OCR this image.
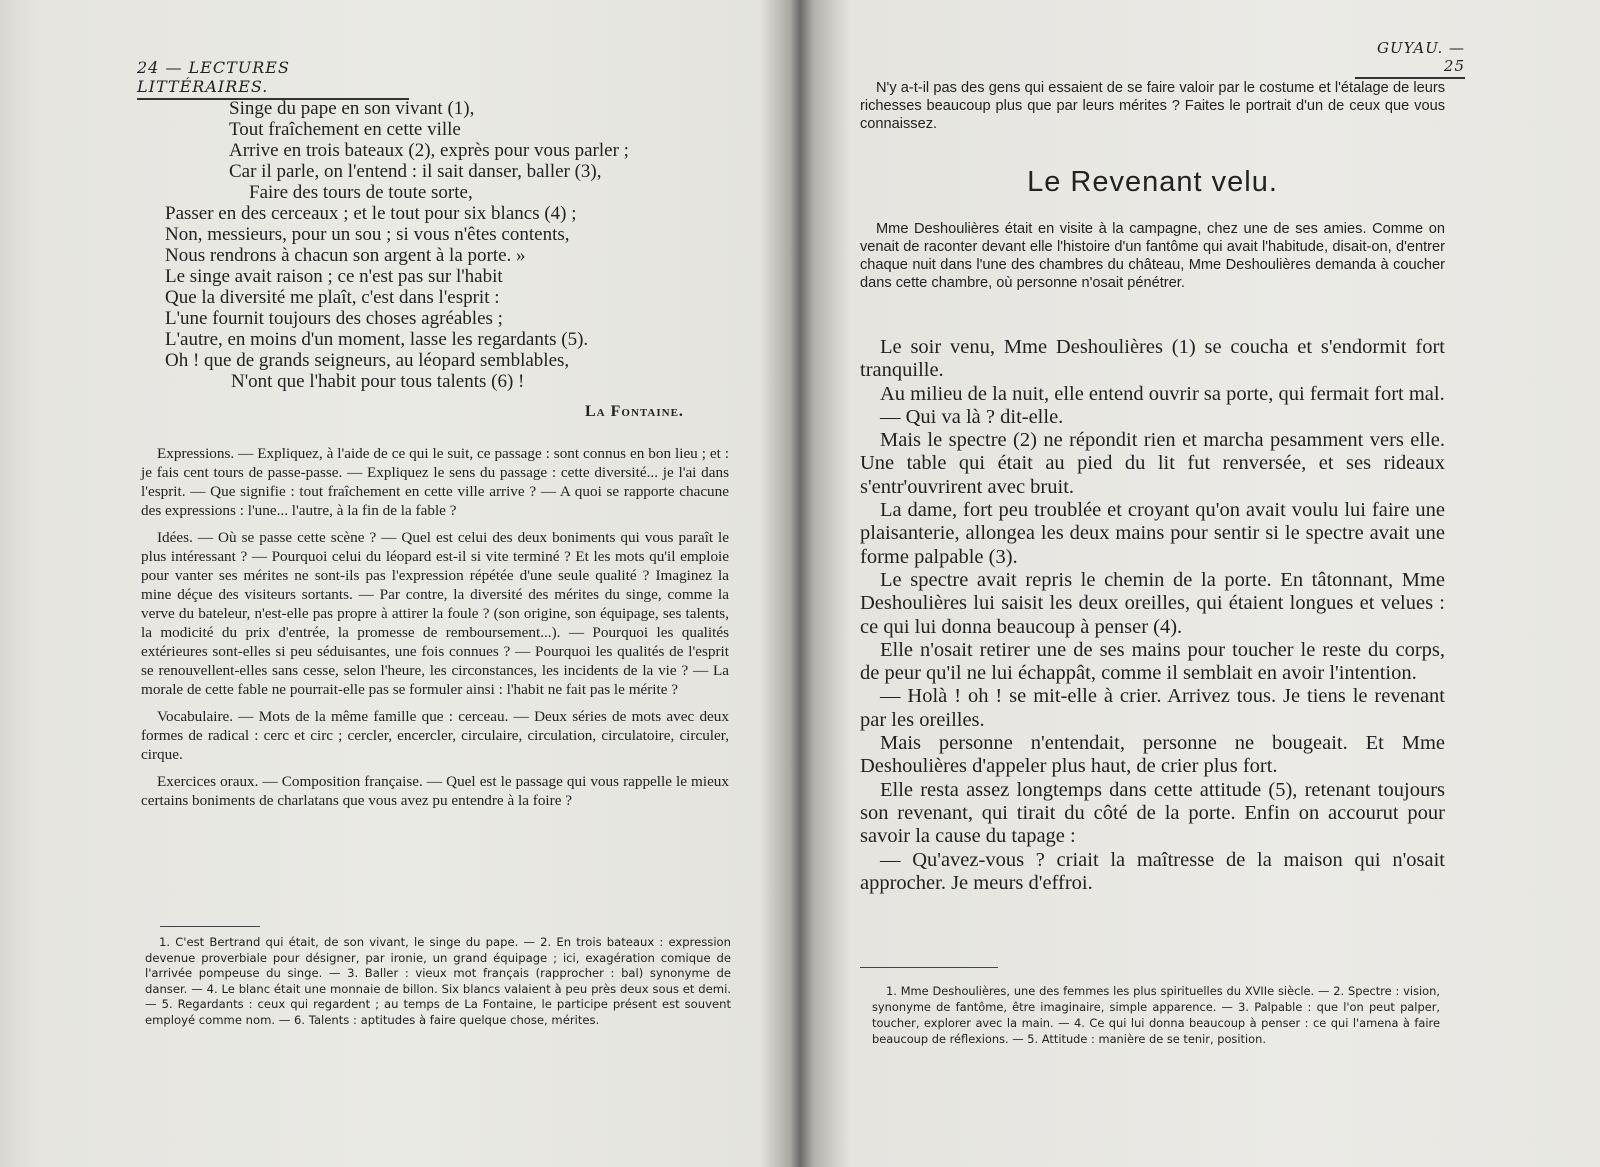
24 — LECTURES LITTÉRAIRES.
Singe du pape en son vivant (1),
Tout fraîchement en cette ville
Arrive en trois bateaux (2), exprès pour vous parler ;
Car il parle, on l'entend : il sait danser, baller (3),
Faire des tours de toute sorte,
Passer en des cerceaux ; et le tout pour six blancs (4) ;
Non, messieurs, pour un sou ; si vous n'êtes contents,
Nous rendrons à chacun son argent à la porte. »
Le singe avait raison ; ce n'est pas sur l'habit
Que la diversité me plaît, c'est dans l'esprit :
L'une fournit toujours des choses agréables ;
L'autre, en moins d'un moment, lasse les regardants (5).
Oh ! que de grands seigneurs, au léopard semblables,
N'ont que l'habit pour tous talents (6) !
La Fontaine.

Expressions. — Expliquez, à l'aide de ce qui le suit, ce passage : sont connus en bon lieu ; et : je fais cent tours de passe-passe. — Expliquez le sens du passage : cette diversité... je l'ai dans l'esprit. — Que signifie : tout fraîchement en cette ville arrive ? — A quoi se rapporte chacune des expressions : l'une... l'autre, à la fin de la fable ?

Idées. — Où se passe cette scène ? — Quel est celui des deux boniments qui vous paraît le plus intéressant ? — Pourquoi celui du léopard est-il si vite terminé ? Et les mots qu'il emploie pour vanter ses mérites ne sont-ils pas l'expression répétée d'une seule qualité ? Imaginez la mine déçue des visiteurs sortants. — Par contre, la diversité des mérites du singe, comme la verve du bateleur, n'est-elle pas propre à attirer la foule ? (son origine, son équipage, ses talents, la modicité du prix d'entrée, la promesse de remboursement...). — Pourquoi les qualités extérieures sont-elles si peu séduisantes, une fois connues ? — Pourquoi les qualités de l'esprit se renouvellent-elles sans cesse, selon l'heure, les circonstances, les incidents de la vie ? — La morale de cette fable ne pourrait-elle pas se formuler ainsi : l'habit ne fait pas le mérite ?

Vocabulaire. — Mots de la même famille que : cerceau. — Deux séries de mots avec deux formes de radical : cerc et circ ; cercler, encercler, circulaire, circulation, circulatoire, circuler, cirque.

Exercices oraux. — Composition française. — Quel est le passage qui vous rappelle le mieux certains boniments de charlatans que vous avez pu entendre à la foire ?

1. C'est Bertrand qui était, de son vivant, le singe du pape. — 2. En trois bateaux : expression devenue proverbiale pour désigner, par ironie, un grand équipage ; ici, exagération comique de l'arrivée pompeuse du singe. — 3. Baller : vieux mot français (rapprocher : bal) synonyme de danser. — 4. Le blanc était une monnaie de billon. Six blancs valaient à peu près deux sous et demi. — 5. Regardants : ceux qui regardent ; au temps de La Fontaine, le participe présent est souvent employé comme nom. — 6. Talents : aptitudes à faire quelque chose, mérites.

GUYAU. — 25

N'y a-t-il pas des gens qui essaient de se faire valoir par le costume et l'étalage de leurs richesses beaucoup plus que par leurs mérites ? Faites le portrait d'un de ceux que vous connaissez.

Le Revenant velu.

Mme Deshoulières était en visite à la campagne, chez une de ses amies. Comme on venait de raconter devant elle l'histoire d'un fantôme qui avait l'habitude, disait-on, d'entrer chaque nuit dans l'une des chambres du château, Mme Deshoulières demanda à coucher dans cette chambre, où personne n'osait pénétrer.

Le soir venu, Mme Deshoulières (1) se coucha et s'endormit fort tranquille.

Au milieu de la nuit, elle entend ouvrir sa porte, qui fermait fort mal.

— Qui va là ? dit-elle.

Mais le spectre (2) ne répondit rien et marcha pesamment vers elle. Une table qui était au pied du lit fut renversée, et ses rideaux s'entr'ouvrirent avec bruit.

La dame, fort peu troublée et croyant qu'on avait voulu lui faire une plaisanterie, allongea les deux mains pour sentir si le spectre avait une forme palpable (3).

Le spectre avait repris le chemin de la porte. En tâtonnant, Mme Deshoulières lui saisit les deux oreilles, qui étaient longues et velues : ce qui lui donna beaucoup à penser (4).

Elle n'osait retirer une de ses mains pour toucher le reste du corps, de peur qu'il ne lui échappât, comme il semblait en avoir l'intention.

— Holà ! oh ! se mit-elle à crier. Arrivez tous. Je tiens le revenant par les oreilles.

Mais personne n'entendait, personne ne bougeait. Et Mme Deshoulières d'appeler plus haut, de crier plus fort.

Elle resta assez longtemps dans cette attitude (5), retenant toujours son revenant, qui tirait du côté de la porte. Enfin on accourut pour savoir la cause du tapage :

— Qu'avez-vous ? criait la maîtresse de la maison qui n'osait approcher. Je meurs d'effroi.

1. Mme Deshoulières, une des femmes les plus spirituelles du XVIIe siècle. — 2. Spectre : vision, synonyme de fantôme, être imaginaire, simple apparence. — 3. Palpable : que l'on peut palper, toucher, explorer avec la main. — 4. Ce qui lui donna beaucoup à penser : ce qui l'amena à faire beaucoup de réflexions. — 5. Attitude : manière de se tenir, position.
